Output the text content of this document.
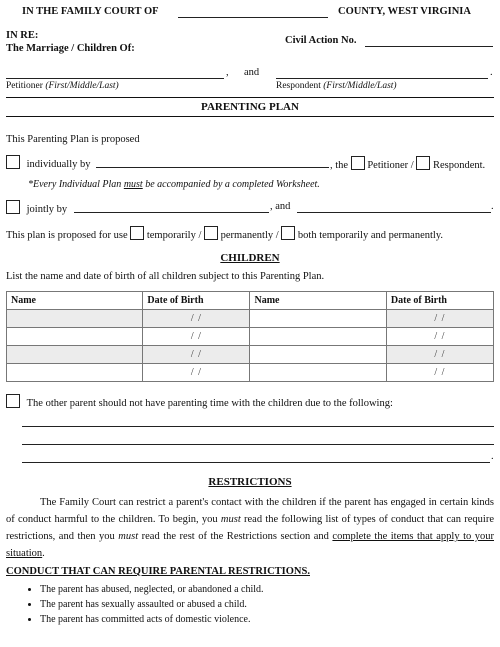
IN THE FAMILY COURT OF	COUNTY, WEST VIRGINIA
IN RE:
The Marriage / Children Of:
Civil Action No.
, and	.
Petitioner (First/Middle/Last)	Respondent (First/Middle/Last)
PARENTING PLAN
This Parenting Plan is proposed
individually by	, the Petitioner / Respondent.
*Every Individual Plan must be accompanied by a completed Worksheet.
jointly by	, and	.
This plan is proposed for use temporarily / permanently / both temporarily and permanently.
CHILDREN
List the name and date of birth of all children subject to this Parenting Plan.
Name	Date of Birth	Name	Date of Birth
	/ /		/ /
	/ /		/ /
	/ /		/ /
	/ /		/ /
The other parent should not have parenting time with the children due to the following:
.
RESTRICTIONS
The Family Court can restrict a parent's contact with the children if the parent has engaged in certain kinds of conduct harmful to the children. To begin, you must read the following list of types of conduct that can require restrictions, and then you must read the rest of the Restrictions section and complete the items that apply to your situation.
CONDUCT THAT CAN REQUIRE PARENTAL RESTRICTIONS.
• The parent has abused, neglected, or abandoned a child.
• The parent has sexually assaulted or abused a child.
• The parent has committed acts of domestic violence.
